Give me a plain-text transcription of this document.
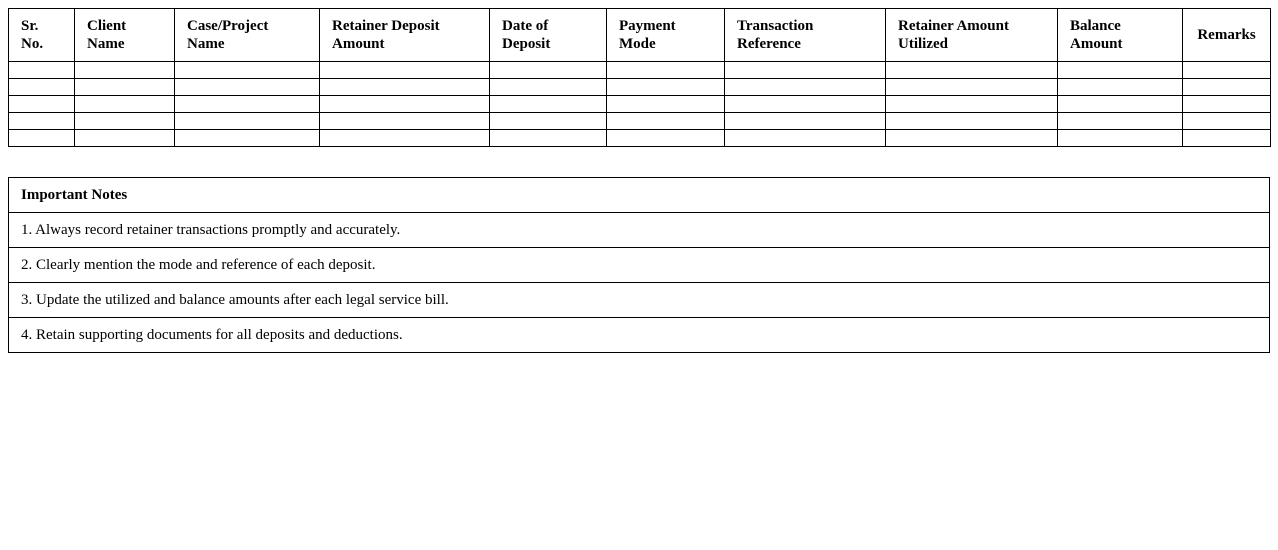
Sr. No.	Client Name	Case/Project Name	Retainer Deposit Amount	Date of Deposit	Payment Mode	Transaction Reference	Retainer Amount Utilized	Balance Amount	Remarks

Important Notes
1. Always record retainer transactions promptly and accurately.
2. Clearly mention the mode and reference of each deposit.
3. Update the utilized and balance amounts after each legal service bill.
4. Retain supporting documents for all deposits and deductions.
